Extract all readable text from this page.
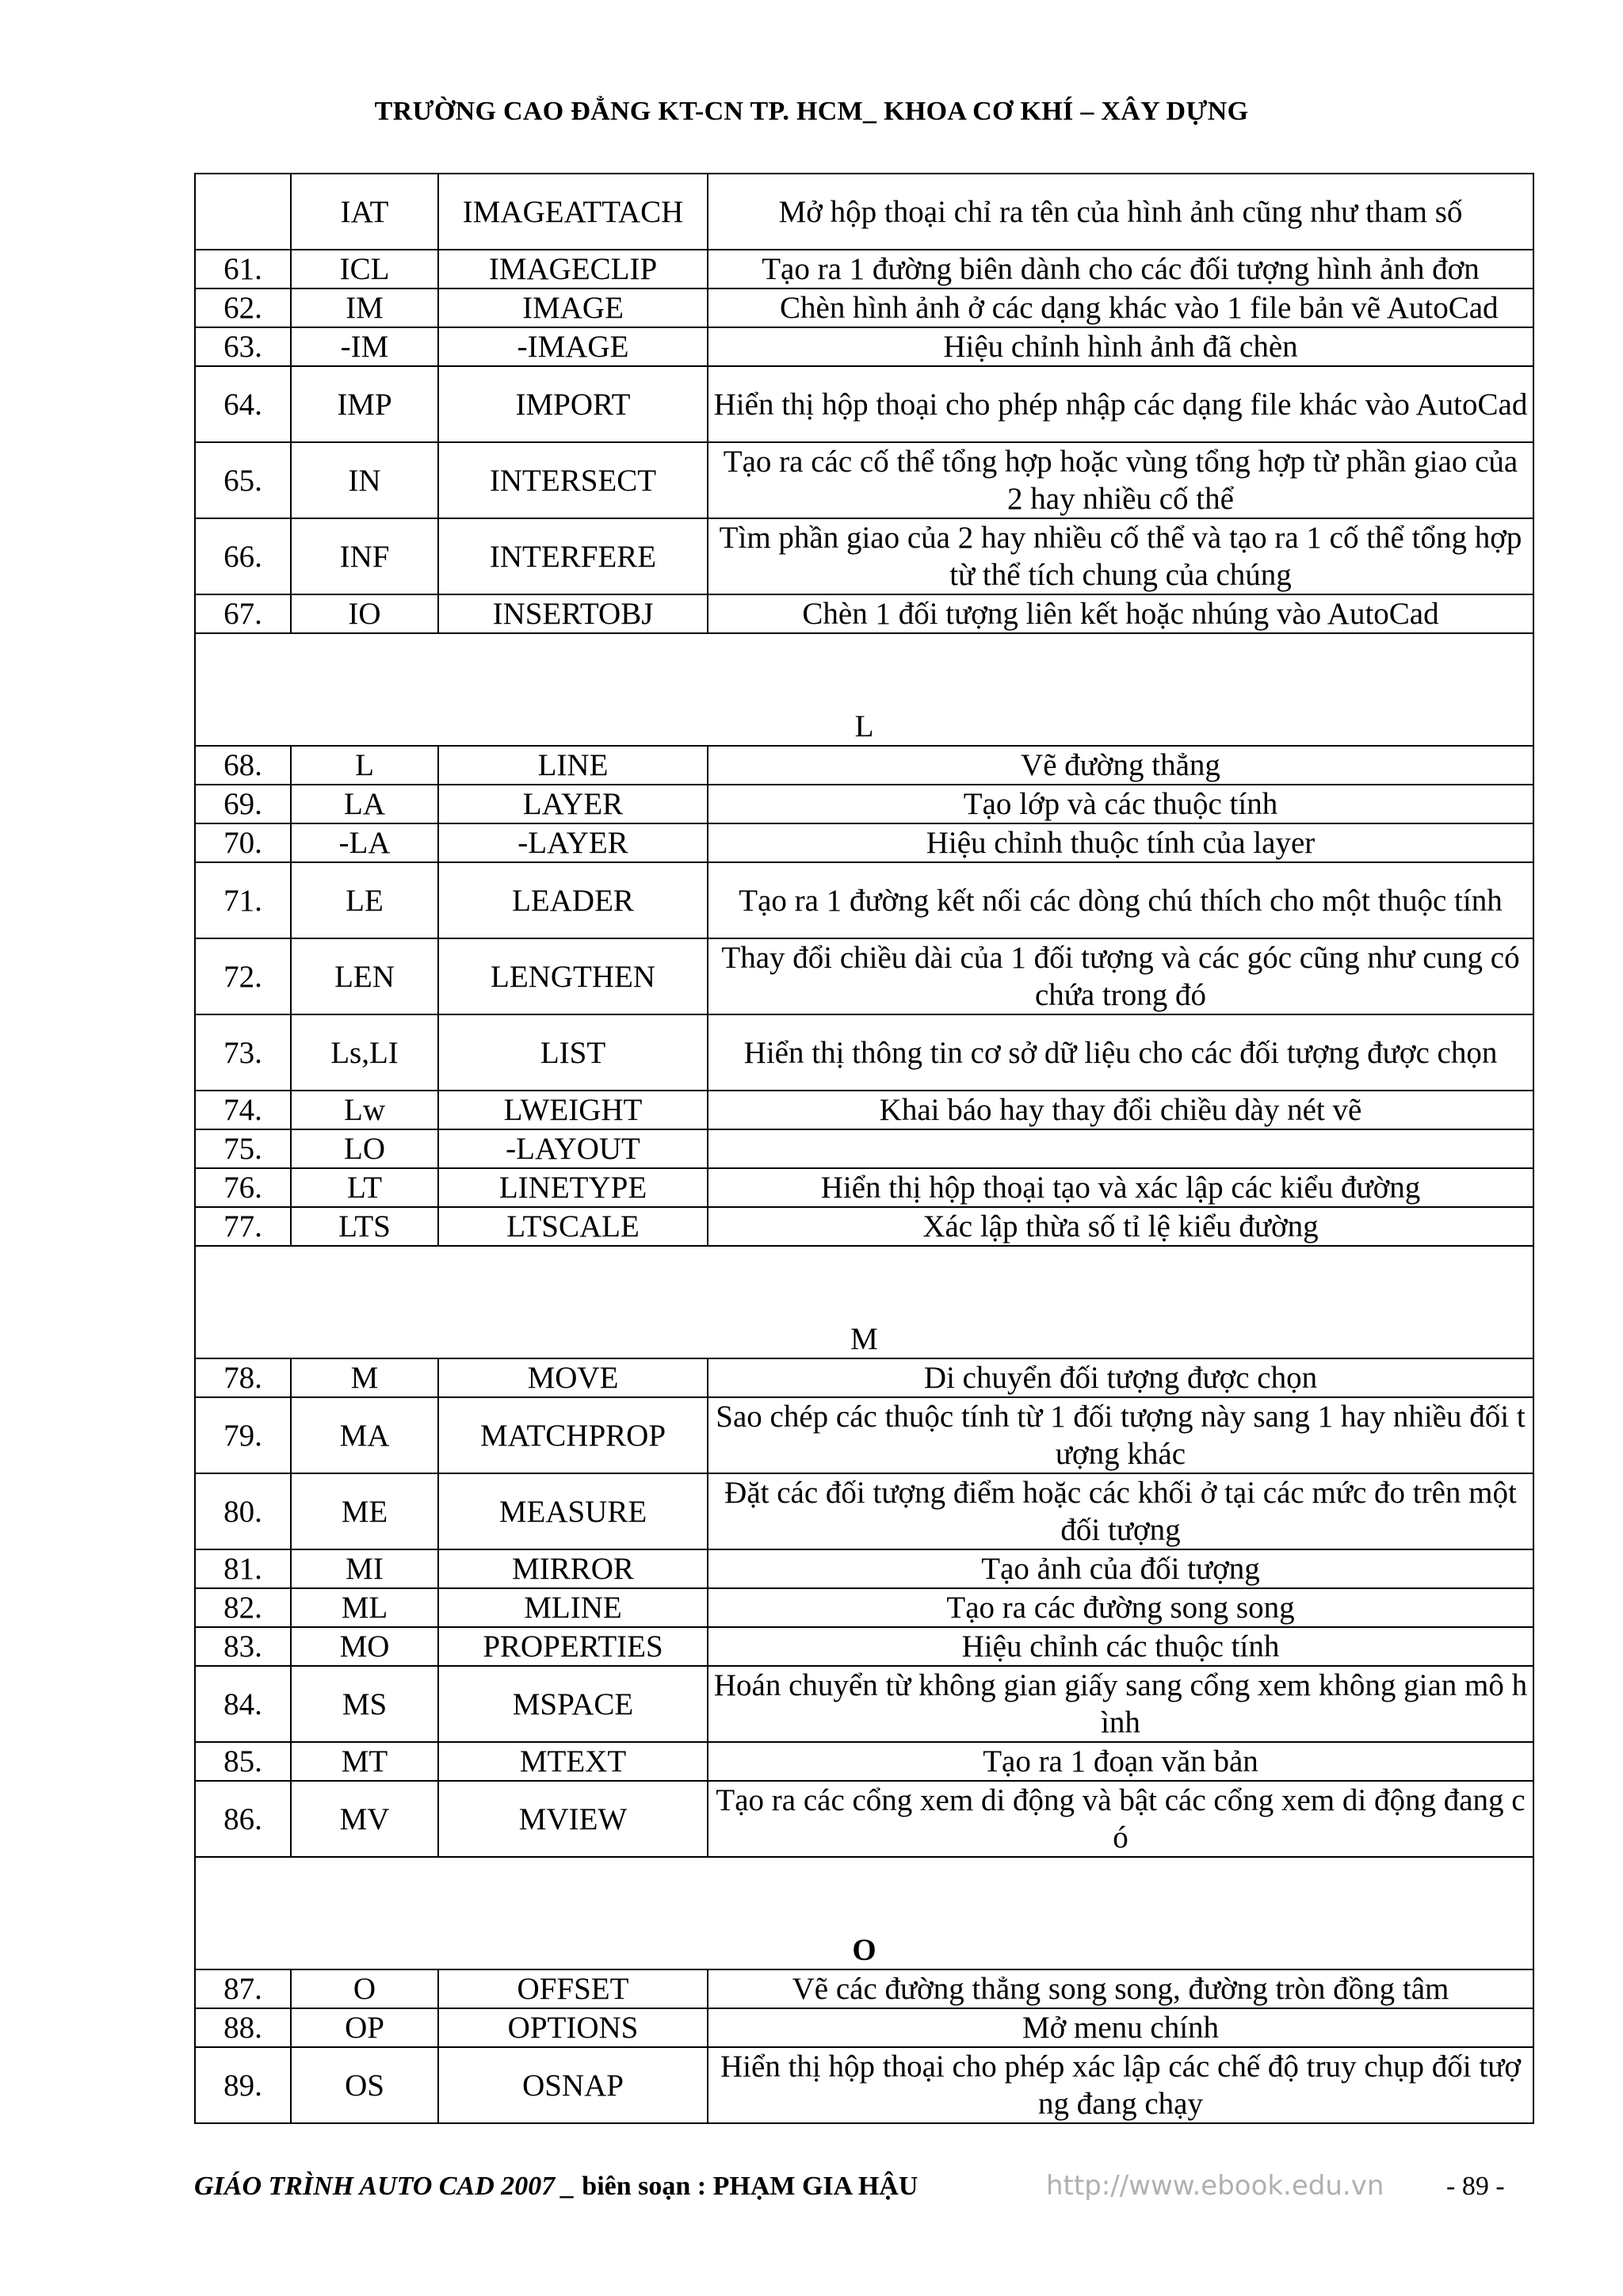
TRƯỜNG CAO ĐẲNG KT-CN TP. HCM_ KHOA CƠ KHÍ – XÂY DỰNG
	IAT	IMAGEATTACH	Mở hộp thoại chỉ ra tên của hình ảnh cũng như tham số
61.	ICL	IMAGECLIP	Tạo ra 1 đường biên dành cho các đối tượng hình ảnh đơn
62.	IM	IMAGE	Chèn hình ảnh ở các dạng khác vào 1 file bản vẽ AutoCad
63.	-IM	-IMAGE	Hiệu chỉnh hình ảnh đã chèn
64.	IMP	IMPORT	Hiển thị hộp thoại cho phép nhập các dạng file khác vào AutoCad
65.	IN	INTERSECT	Tạo ra các cố thể tổng hợp hoặc vùng tổng hợp từ phần giao của 2 hay nhiều cố thể
66.	INF	INTERFERE	Tìm phần giao của 2 hay nhiều cố thể và tạo ra 1 cố thể tổng hợp từ thể tích chung của chúng
67.	IO	INSERTOBJ	Chèn 1 đối tượng liên kết hoặc nhúng vào AutoCad
L			
68.	L	LINE	Vẽ đường thẳng
69.	LA	LAYER	Tạo lớp và các thuộc tính
70.	-LA	-LAYER	Hiệu chỉnh thuộc tính của layer
71.	LE	LEADER	Tạo ra 1 đường kết nối các dòng chú thích cho một thuộc tính
72.	LEN	LENGTHEN	Thay đổi chiều dài của 1 đối tượng và các góc cũng như cung có chứa trong đó
73.	Ls,LI	LIST	Hiển thị thông tin cơ sở dữ liệu cho các đối tượng được chọn
74.	Lw	LWEIGHT	Khai báo hay thay đổi chiều dày nét vẽ
75.	LO	-LAYOUT	
76.	LT	LINETYPE	Hiển thị hộp thoại tạo và xác lập các kiểu đường
77.	LTS	LTSCALE	Xác lập thừa số tỉ lệ kiểu đường
M			
78.	M	MOVE	Di chuyển đối tượng được chọn
79.	MA	MATCHPROP	Sao chép các thuộc tính từ 1 đối tượng này sang 1 hay nhiều đối tượng khác
80.	ME	MEASURE	Đặt các đối tượng điểm hoặc các khối ở tại các mức đo trên một đối tượng
81.	MI	MIRROR	Tạo ảnh của đối tượng
82.	ML	MLINE	Tạo ra các đường song song
83.	MO	PROPERTIES	Hiệu chỉnh các thuộc tính
84.	MS	MSPACE	Hoán chuyển từ không gian giấy sang cổng xem không gian mô hình
85.	MT	MTEXT	Tạo ra 1 đoạn văn bản
86.	MV	MVIEW	Tạo ra các cổng xem di động và bật các cổng xem di động đang có
O			
87.	O	OFFSET	Vẽ các đường thẳng song song, đường tròn đồng tâm
88.	OP	OPTIONS	Mở menu chính
89.	OS	OSNAP	Hiển thị hộp thoại cho phép xác lập các chế độ truy chụp đối tượng đang chạy
GIÁO TRÌNH AUTO CAD 2007 _ biên soạn : PHẠM GIA HẬU	http://www.ebook.edu.vn - 89 -
